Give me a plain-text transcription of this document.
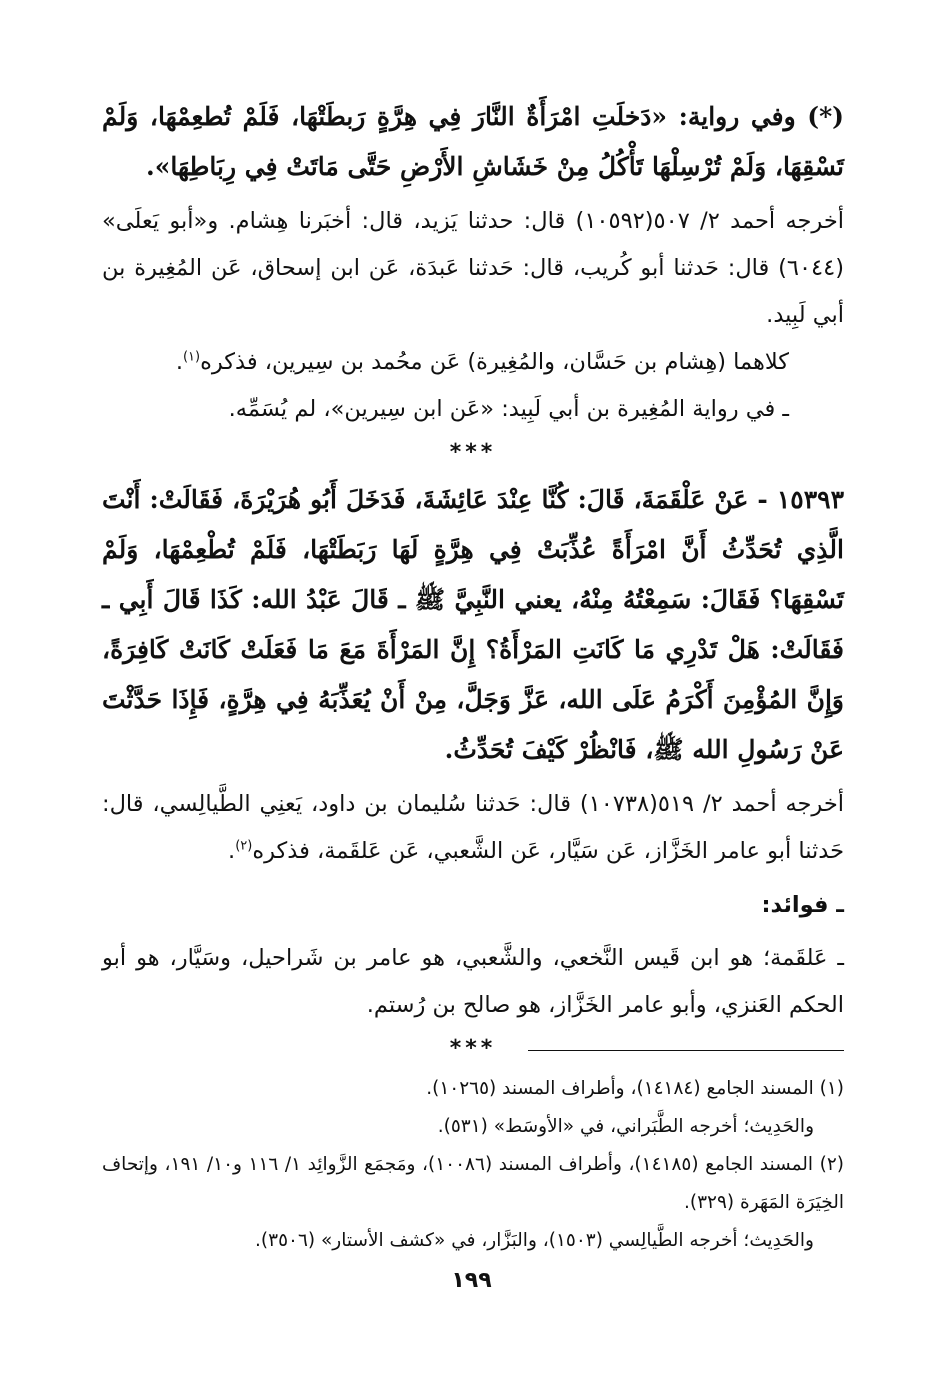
(*) وفي رواية: «دَخلَتِ امْرَأَةٌ النَّارَ فِي هِرَّةٍ رَبطَتْهَا، فَلَمْ تُطعِمْهَا، وَلَمْ تَسْقِهَا، وَلَمْ تُرْسِلْهَا تَأْكُلُ مِنْ خَشَاشِ الأَرْضِ حَتَّى مَاتَتْ فِي رِبَاطِهَا».

أخرجه أحمد ٢/ ٥٠٧(١٠٥٩٢) قال: حدثنا يَزيد، قال: أخبَرنا هِشام. و«أبو يَعلَى» (٦٠٤٤) قال: حَدثنا أبو كُريب، قال: حَدثنا عَبدَة، عَن ابن إسحاق، عَن المُغِيرة بن أبي لَبِيد.

كلاهما (هِشام بن حَسَّان، والمُغِيرة) عَن محُمد بن سِيرين، فذكره$^{(١)}$.

ـ في رواية المُغِيرة بن أبي لَبِيد: «عَن ابن سِيرين»، لم يُسَمِّه.

***

١٥٣٩٣ - عَنْ عَلْقَمَةَ، قَالَ: كُنَّا عِنْدَ عَائِشَةَ، فَدَخَلَ أَبُو هُرَيْرَةَ، فَقَالَتْ: أَنْتَ الَّذِي تُحَدِّثُ أَنَّ امْرَأَةً عُذِّبَتْ فِي هِرَّةٍ لَهَا رَبَطَتْهَا، فَلَمْ تُطْعِمْهَا، وَلَمْ تَسْقِهَا؟ فَقَالَ: سَمِعْتُهُ مِنْهُ، يعني النَّبِيَّ ﷺ ـ قَالَ عَبْدُ الله: كَذَا قَالَ أَبِي ـ فَقَالَتْ: هَلْ تَدْرِي مَا كَانَتِ المَرْأَةُ؟ إِنَّ المَرْأَةَ مَعَ مَا فَعَلَتْ كَانَتْ كَافِرَةً، وَإِنَّ المُؤْمِنَ أَكْرَمُ عَلَى الله، عَزَّ وَجَلَّ، مِنْ أَنْ يُعَذِّبَهُ فِي هِرَّةٍ، فَإِذَا حَدَّثْتَ عَنْ رَسُولِ الله ﷺ، فَانْظُرْ كَيْفَ تُحَدِّثُ.

أخرجه أحمد ٢/ ٥١٩(١٠٧٣٨) قال: حَدثنا سُليمان بن داود، يَعنِي الطَّيالِسي، قال: حَدثنا أبو عامر الخَزَّاز، عَن سَيَّار، عَن الشَّعبي، عَن عَلقَمة، فذكره$^{(٢)}$.

ـ فوائد:

ـ عَلقَمة؛ هو ابن قَيس النَّخعي، والشَّعبي، هو عامر بن شَراحيل، وسَيَّار، هو أبو الحكم العَنزي، وأبو عامر الخَزَّاز، هو صالح بن رُستم.

***

(١) المسند الجامع (١٤١٨٤)، وأطراف المسند (١٠٢٦٥).

والحَدِيث؛ أخرجه الطَّبَراني، في «الأوسَط» (٥٣١).

(٢) المسند الجامع (١٤١٨٥)، وأطراف المسند (١٠٠٨٦)، ومَجمَع الزَّوائِد ١/ ١١٦ و١٠/ ١٩١، وإتحاف الخِيَرَة المَهَرة (٣٢٩).

والحَدِيث؛ أخرجه الطَّيالِسي (١٥٠٣)، والبَزَّار، في «كشف الأستار» (٣٥٠٦).

١٩٩
